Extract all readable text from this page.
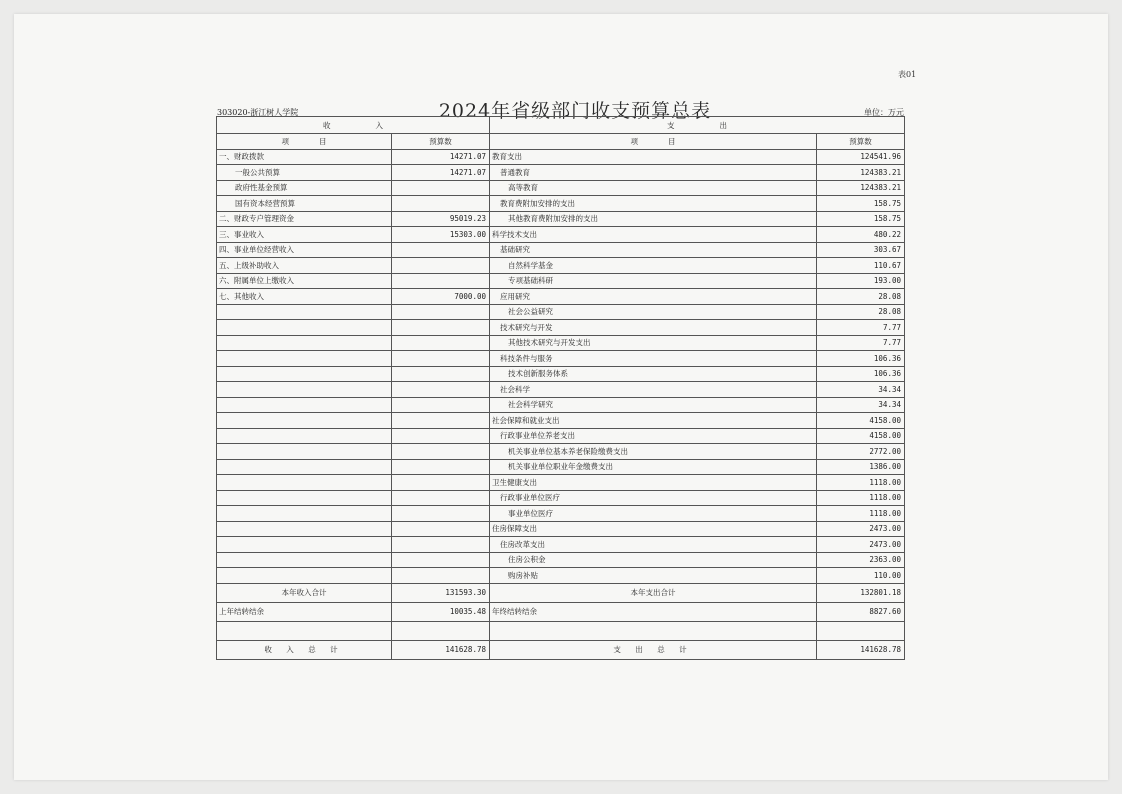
表01
2024年省级部门收支预算总表
303020-浙江树人学院	单位：万元
收　　　　　　入		支　　　　　　出	
项　　　　目	预算数	项　　　　目	预算数
一、财政拨款	14271.07	教育支出	124541.96
一般公共预算	14271.07	普通教育	124383.21
政府性基金预算		高等教育	124383.21
国有资本经营预算		教育费附加安排的支出	158.75
二、财政专户管理资金	95019.23	其他教育费附加安排的支出	158.75
三、事业收入	15303.00	科学技术支出	480.22
四、事业单位经营收入		基础研究	303.67
五、上级补助收入		自然科学基金	110.67
六、附属单位上缴收入		专项基础科研	193.00
七、其他收入	7000.00	应用研究	28.08
		社会公益研究	28.08
		技术研究与开发	7.77
		其他技术研究与开发支出	7.77
		科技条件与服务	106.36
		技术创新服务体系	106.36
		社会科学	34.34
		社会科学研究	34.34
		社会保障和就业支出	4158.00
		行政事业单位养老支出	4158.00
		机关事业单位基本养老保险缴费支出	2772.00
		机关事业单位职业年金缴费支出	1386.00
		卫生健康支出	1118.00
		行政事业单位医疗	1118.00
		事业单位医疗	1118.00
		住房保障支出	2473.00
		住房改革支出	2473.00
		住房公积金	2363.00
		购房补贴	110.00
本年收入合计	131593.30	本年支出合计	132801.18
上年结转结余	10035.48	年终结转结余	8827.60

收 入 总 计	141628.78	支 出 总 计	141628.78
